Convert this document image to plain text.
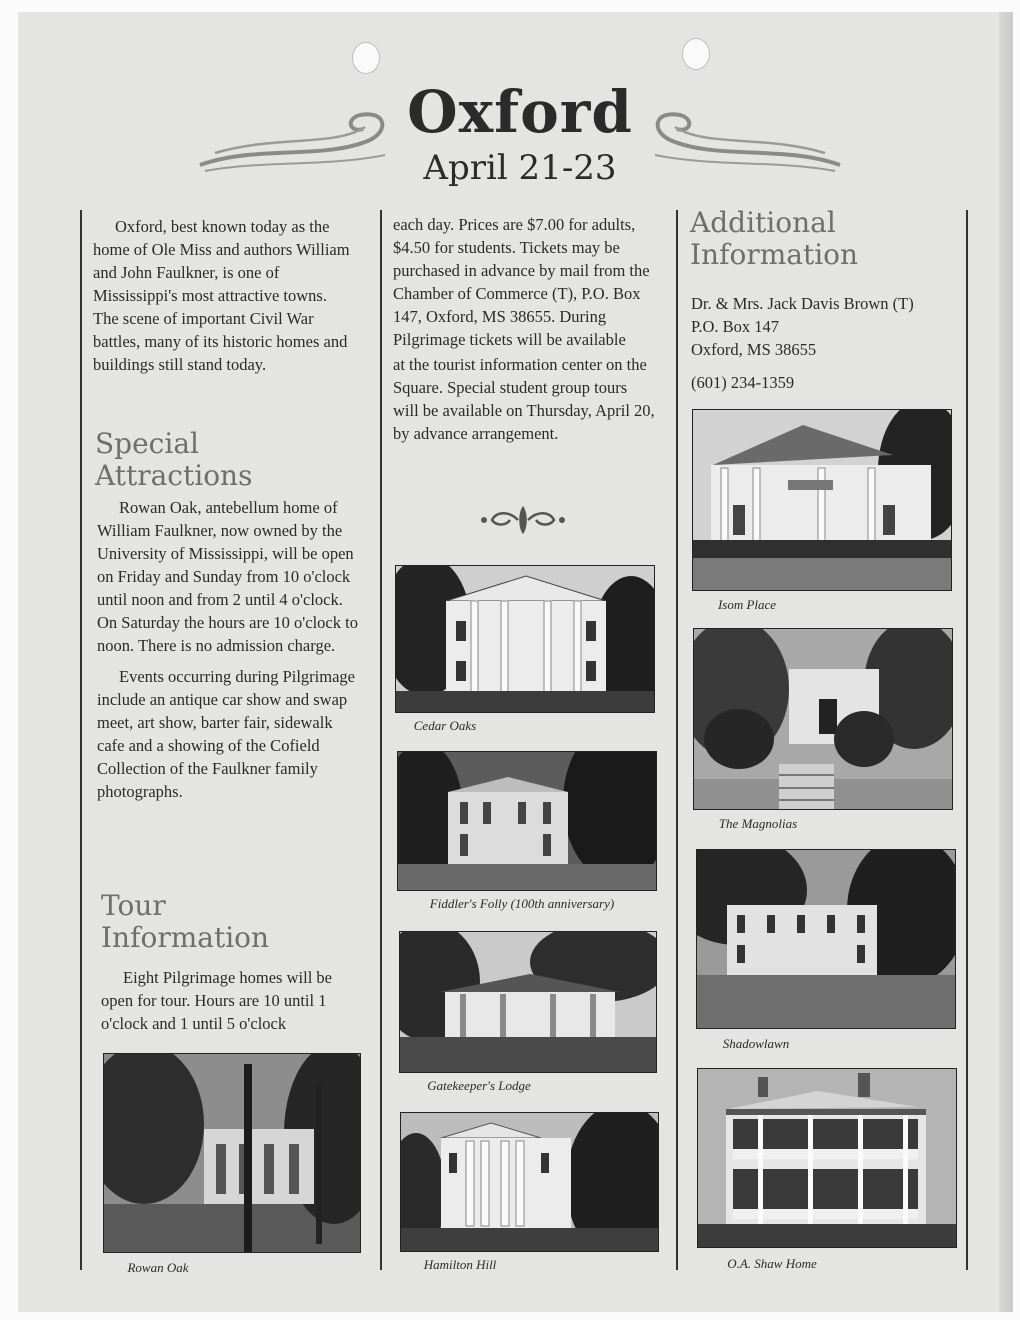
Oxford
April 21-23

Oxford, best known today as the home of Ole Miss and authors William and John Faulkner, is one of Mississippi's most attractive towns. The scene of important Civil War battles, many of its historic homes and buildings still stand today.

Special
Attractions

Rowan Oak, antebellum home of William Faulkner, now owned by the University of Mississippi, will be open on Friday and Sunday from 10 o'clock until noon and from 2 until 4 o'clock. On Saturday the hours are 10 o'clock to noon. There is no admission charge.

Events occurring during Pilgrimage include an antique car show and swap meet, art show, barter fair, sidewalk cafe and a showing of the Cofield Collection of the Faulkner family photographs.

Tour
Information

Eight Pilgrimage homes will be open for tour. Hours are 10 until 1 o'clock and 1 until 5 o'clock

Rowan Oak

each day. Prices are $7.00 for adults, $4.50 for students. Tickets may be purchased in advance by mail from the Chamber of Commerce (T), P.O. Box 147, Oxford, MS 38655. During Pilgrimage tickets will be available

at the tourist information center on the Square. Special student group tours will be available on Thursday, April 20, by advance arrangement.

Cedar Oaks
Fiddler's Folly (100th anniversary)
Gatekeeper's Lodge
Hamilton Hill
Additional
Information

Dr. & Mrs. Jack Davis Brown (T)

P.O. Box 147

Oxford, MS 38655

(601) 234-1359

Isom Place
The Magnolias
Shadowlawn
O.A. Shaw Home
